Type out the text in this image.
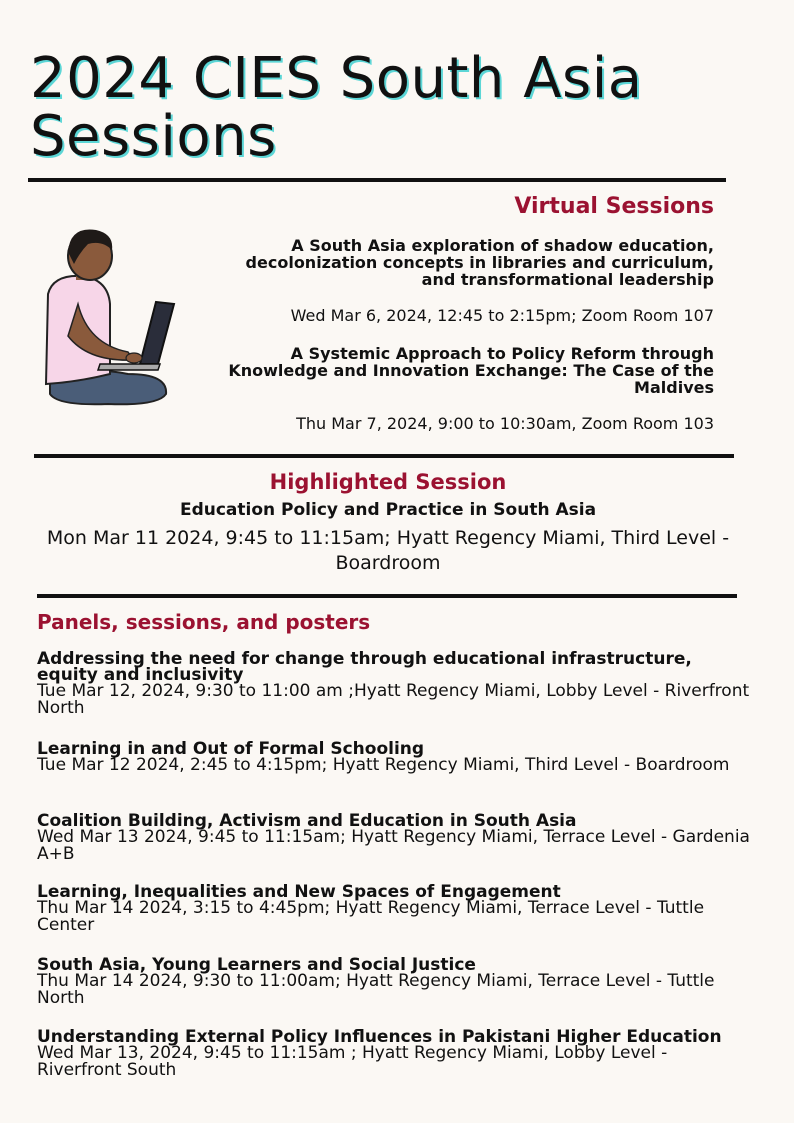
2024 CIES South Asia Sessions
Virtual Sessions

A South Asia exploration of shadow education, decolonization concepts in libraries and curriculum, and transformational leadership

Wed Mar 6, 2024, 12:45 to 2:15pm; Zoom Room 107

A Systemic Approach to Policy Reform through Knowledge and Innovation Exchange: The Case of the Maldives

Thu Mar 7, 2024, 9:00 to 10:30am, Zoom Room 103

Highlighted Session

Education Policy and Practice in South Asia

Mon Mar 11 2024, 9:45 to 11:15am; Hyatt Regency Miami, Third Level - Boardroom

Panels, sessions, and posters

Addressing the need for change through educational infrastructure, equity and inclusivity

Tue Mar 12, 2024, 9:30 to 11:00 am ;Hyatt Regency Miami, Lobby Level - Riverfront North

Learning in and Out of Formal Schooling

Tue Mar 12 2024, 2:45 to 4:15pm; Hyatt Regency Miami, Third Level - Boardroom

Coalition Building, Activism and Education in South Asia

Wed Mar 13 2024, 9:45 to 11:15am; Hyatt Regency Miami, Terrace Level - Gardenia A+B

Learning, Inequalities and New Spaces of Engagement

Thu Mar 14 2024, 3:15 to 4:45pm; Hyatt Regency Miami, Terrace Level - Tuttle Center

South Asia, Young Learners and Social Justice

Thu Mar 14 2024, 9:30 to 11:00am; Hyatt Regency Miami, Terrace Level - Tuttle North

Understanding External Policy Influences in Pakistani Higher Education

Wed Mar 13, 2024, 9:45 to 11:15am ; Hyatt Regency Miami, Lobby Level - Riverfront South
